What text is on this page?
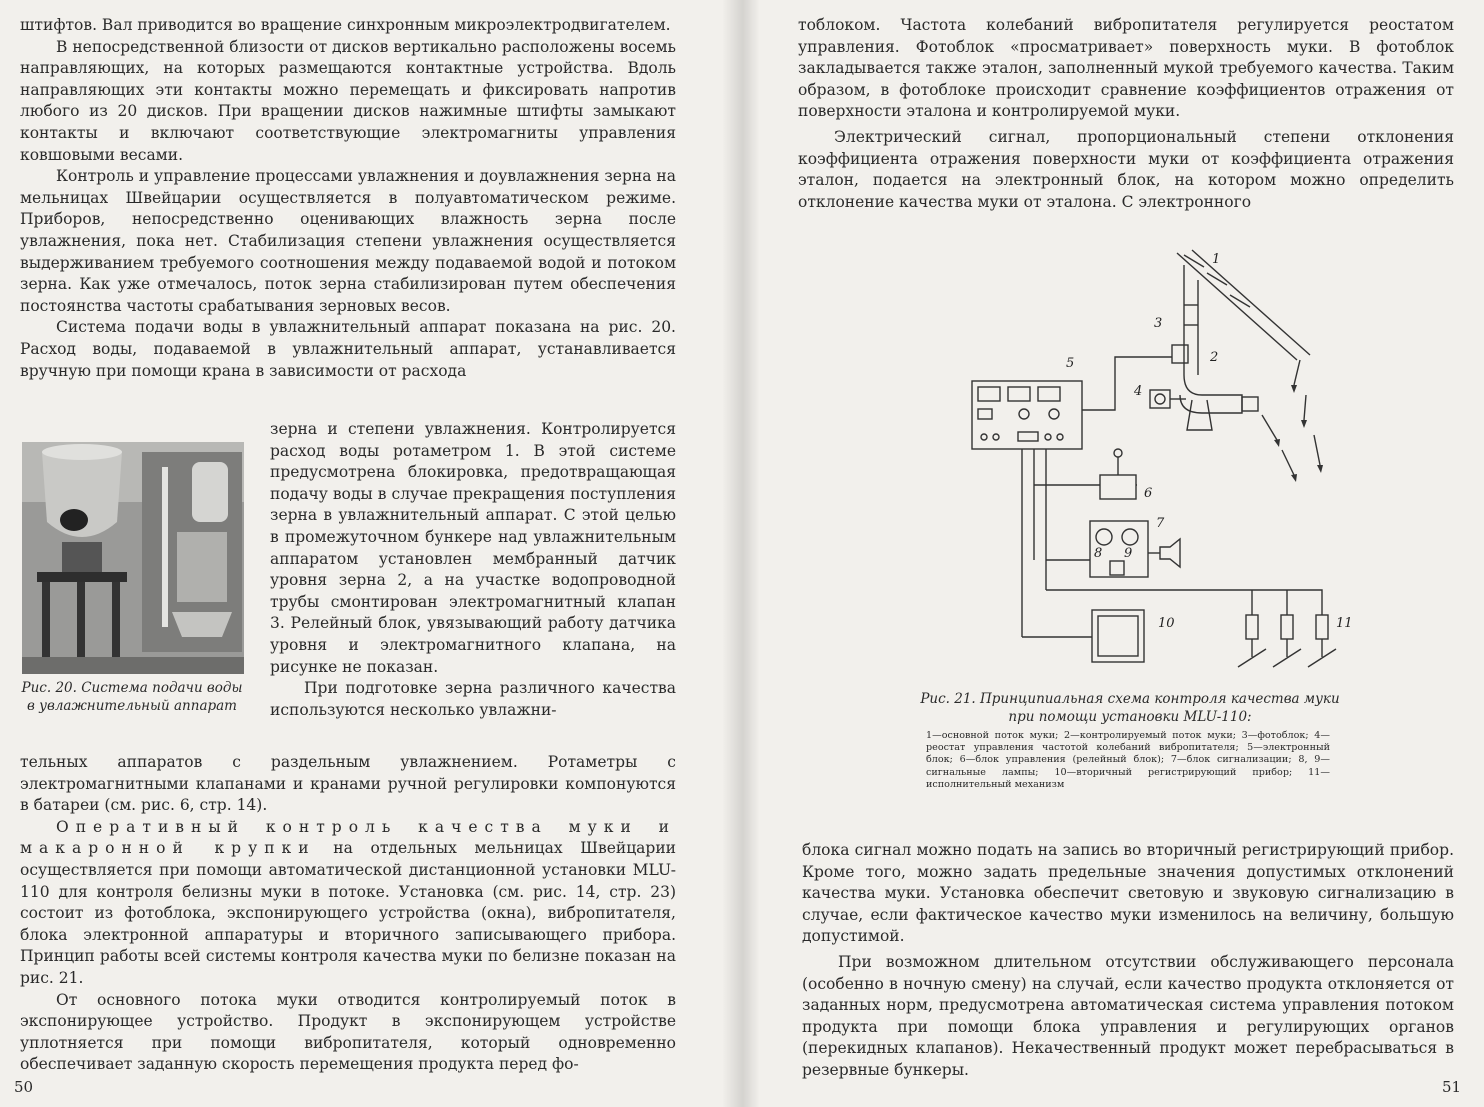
штифтов. Вал приводится во вращение синхронным микроэлектродвигателем.

В непосредственной близости от дисков вертикально расположены восемь направляющих, на которых размещаются контактные устройства. Вдоль направляющих эти контакты можно перемещать и фиксировать напротив любого из 20 дисков. При вращении дисков нажимные штифты замыкают контакты и включают соответствующие электромагниты управления ковшовыми весами.

Контроль и управление процессами увлажнения и доувлажнения зерна на мельницах Швейцарии осуществляется в полуавтоматическом режиме. Приборов, непосредственно оценивающих влажность зерна после увлажнения, пока нет. Стабилизация степени увлажнения осуществляется выдерживанием требуемого соотношения между подаваемой водой и потоком зерна. Как уже отмечалось, поток зерна стабилизирован путем обеспечения постоянства частоты срабатывания зерновых весов.

Система подачи воды в увлажнительный аппарат показана на рис. 20. Расход воды, подаваемой в увлажнительный аппарат, устанавливается вручную при помощи крана в зависимости от расхода

Рис. 20. Система подачи воды в увлажнительный аппарат

зерна и степени увлажнения. Контролируется расход воды ротаметром 1. В этой системе предусмотрена блокировка, предотвращающая подачу воды в случае прекращения поступления зерна в увлажнительный аппарат. С этой целью в промежуточном бункере над увлажнительным аппаратом установлен мембранный датчик уровня зерна 2, а на участке водопроводной трубы смонтирован электромагнитный клапан 3. Релейный блок, увязывающий работу датчика уровня и электромагнитного клапана, на рисунке не показан.

При подготовке зерна различного качества используются несколько увлажни-

тельных аппаратов с раздельным увлажнением. Ротаметры с электромагнитными клапанами и кранами ручной регулировки компонуются в батареи (см. рис. 6, стр. 14).

Оперативный контроль качества муки и макаронной крупки на отдельных мельницах Швейцарии осуществляется при помощи автоматической дистанционной установки MLU-110 для контроля белизны муки в потоке. Установка (см. рис. 14, стр. 23) состоит из фотоблока, экспонирующего устройства (окна), вибропитателя, блока электронной аппаратуры и вторичного записывающего прибора. Принцип работы всей системы контроля качества муки по белизне показан на рис. 21.

От основного потока муки отводится контролируемый поток в экспонирующее устройство. Продукт в экспонирующем устройстве уплотняется при помощи вибропитателя, который одновременно обеспечивает заданную скорость перемещения продукта перед фо-

50

тоблоком. Частота колебаний вибропитателя регулируется реостатом управления. Фотоблок «просматривает» поверхность муки. В фотоблок закладывается также эталон, заполненный мукой требуемого качества. Таким образом, в фотоблоке происходит сравнение коэффициентов отражения от поверхности эталона и контролируемой муки.

Электрический сигнал, пропорциональный степени отклонения коэффициента отражения поверхности муки от коэффициента отражения эталон, подается на электронный блок, на котором можно определить отклонение качества муки от эталона. С электронного

1
2
3
4
5
6
7
8 9
10	11
Рис. 21. Принципиальная схема контроля качества муки при помощи установки MLU-110:
1—основной поток муки; 2—контролируемый поток муки; 3—фотоблок; 4—реостат управления частотой колебаний вибропитателя; 5—электронный блок; 6—блок управления (релейный блок); 7—блок сигнализации; 8, 9—сигнальные лампы; 10—вторичный регистрирующий прибор; 11—исполнительный механизм

блока сигнал можно подать на запись во вторичный регистрирующий прибор. Кроме того, можно задать предельные значения допустимых отклонений качества муки. Установка обеспечит световую и звуковую сигнализацию в случае, если фактическое качество муки изменилось на величину, большую допустимой.

При возможном длительном отсутствии обслуживающего персонала (особенно в ночную смену) на случай, если качество продукта отклоняется от заданных норм, предусмотрена автоматическая система управления потоком продукта при помощи блока управления и регулирующих органов (перекидных клапанов). Некачественный продукт может перебрасываться в резервные бункеры.

51
